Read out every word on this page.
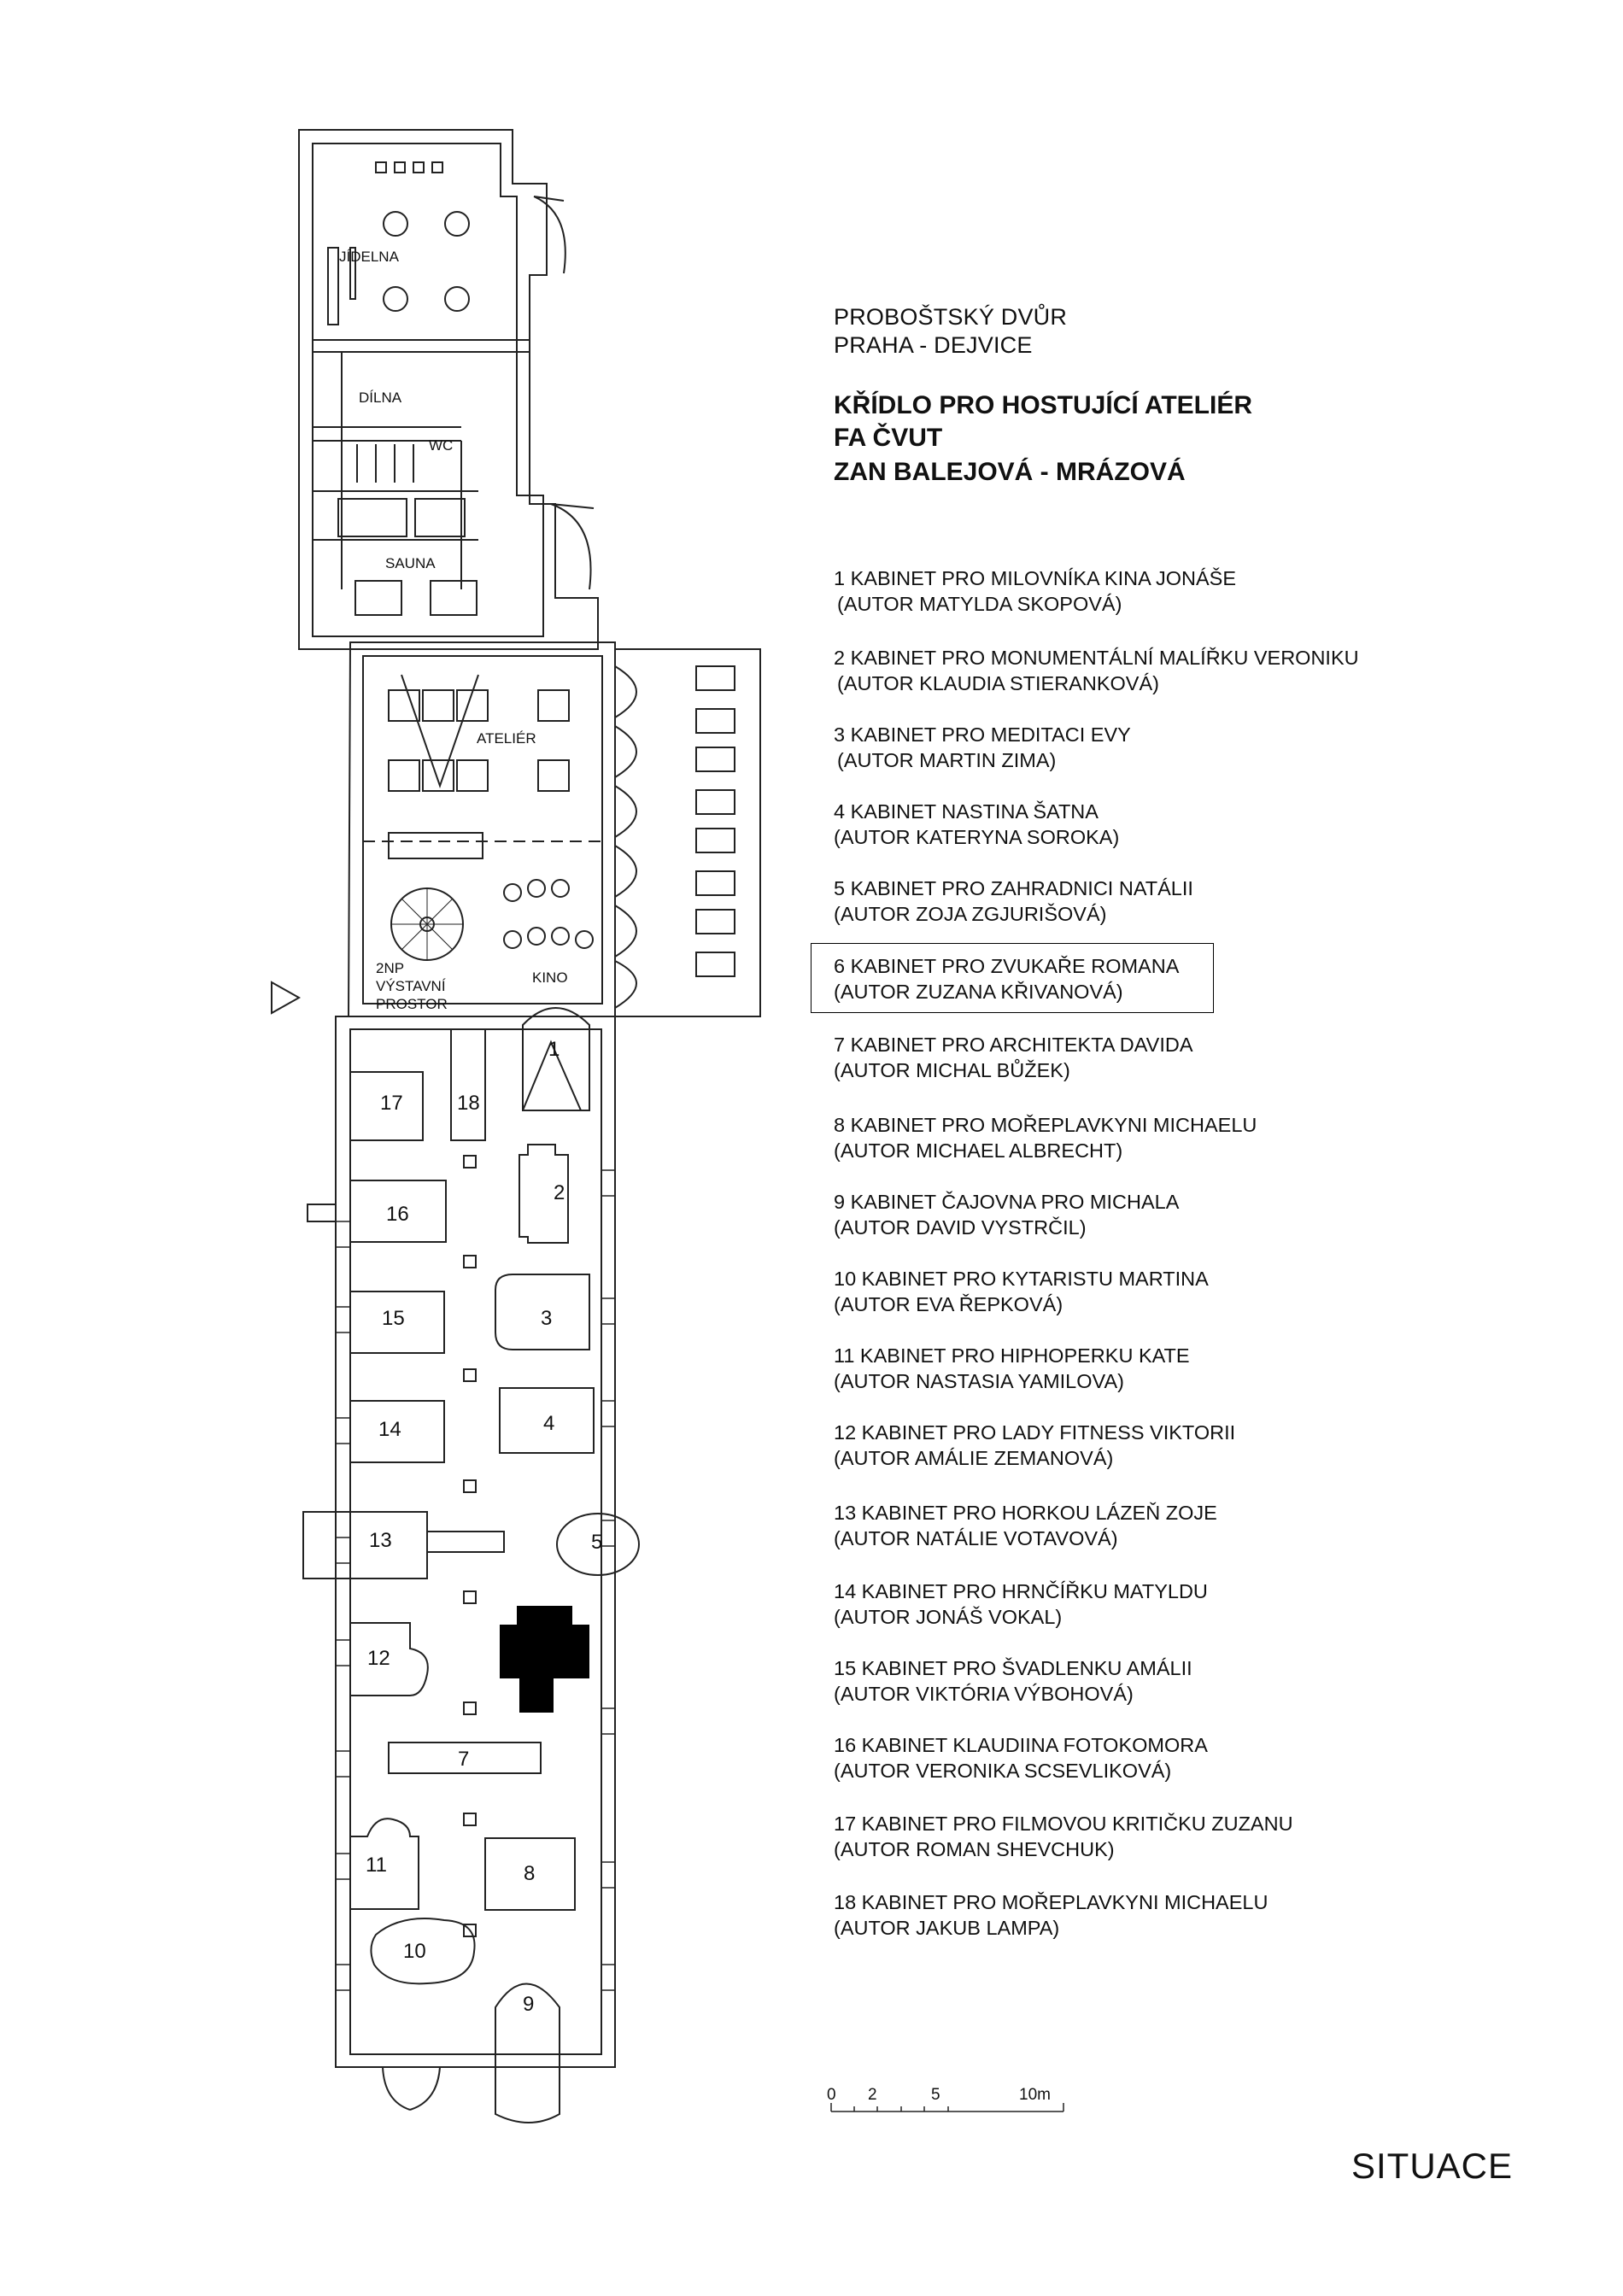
JÍDELNA
DÍLNA
WC
SAUNA
ATELIÉR
KINO
2NP
VÝSTAVNÍ
PROSTOR
1
2
3
4
5
7
8
9
10
11
12
13
14
15
16
17	18
PROBOŠTSKÝ DVŮR
PRAHA - DEJVICE
KŘÍDLO PRO HOSTUJÍCÍ ATELIÉR
FA ČVUT
ZAN BALEJOVÁ - MRÁZOVÁ
1 KABINET PRO MILOVNÍKA KINA JONÁŠE
(AUTOR MATYLDA SKOPOVÁ)
2 KABINET PRO MONUMENTÁLNÍ MALÍŘKU VERONIKU
(AUTOR KLAUDIA STIERANKOVÁ)
3 KABINET PRO MEDITACI EVY
(AUTOR MARTIN ZIMA)
4 KABINET NASTINA ŠATNA
(AUTOR KATERYNA SOROKA)
5 KABINET PRO ZAHRADNICI NATÁLII
(AUTOR ZOJA ZGJURIŠOVÁ)
6 KABINET PRO ZVUKAŘE ROMANA
(AUTOR ZUZANA KŘIVANOVÁ)
7 KABINET PRO ARCHITEKTA DAVIDA
(AUTOR MICHAL BŮŽEK)
8 KABINET PRO MOŘEPLAVKYNI MICHAELU
(AUTOR MICHAEL ALBRECHT)
9 KABINET ČAJOVNA PRO MICHALA
(AUTOR DAVID VYSTRČIL)
10 KABINET PRO KYTARISTU MARTINA
(AUTOR EVA ŘEPKOVÁ)
11 KABINET PRO HIPHOPERKU KATE
(AUTOR NASTASIA YAMILOVA)
12 KABINET PRO LADY FITNESS VIKTORII
(AUTOR AMÁLIE ZEMANOVÁ)
13 KABINET PRO HORKOU LÁZEŇ ZOJE
(AUTOR NATÁLIE VOTAVOVÁ)
14 KABINET PRO HRNČÍŘKU MATYLDU
(AUTOR JONÁŠ VOKAL)
15 KABINET PRO ŠVADLENKU AMÁLII
(AUTOR VIKTÓRIA VÝBOHOVÁ)
16 KABINET KLAUDIINA FOTOKOMORA
(AUTOR VERONIKA SCSEVLIKOVÁ)
17 KABINET PRO FILMOVOU KRITIČKU ZUZANU
(AUTOR ROMAN SHEVCHUK)
18 KABINET PRO MOŘEPLAVKYNI MICHAELU
(AUTOR JAKUB LAMPA)
0 2	5	10m
SITUACE
